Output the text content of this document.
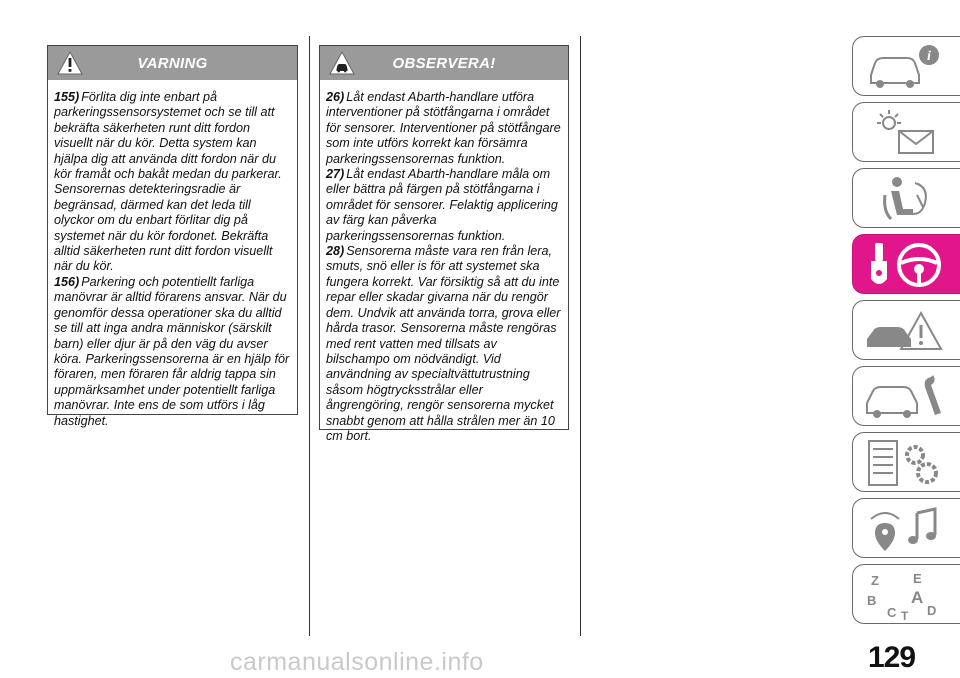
VARNING

155) Förlita dig inte enbart på parkeringssensorsystemet och se till att bekräfta säkerheten runt ditt fordon visuellt när du kör. Detta system kan hjälpa dig att använda ditt fordon när du kör framåt och bakåt medan du parkerar. Sensorernas detekteringsradie är begränsad, därmed kan det leda till olyckor om du enbart förlitar dig på systemet när du kör fordonet. Bekräfta alltid säkerheten runt ditt fordon visuellt när du kör.

156) Parkering och potentiellt farliga manövrar är alltid förarens ansvar. När du genomför dessa operationer ska du alltid se till att inga andra människor (särskilt barn) eller djur är på den väg du avser köra. Parkeringssensorerna är en hjälp för föraren, men föraren får aldrig tappa sin uppmärksamhet under potentiellt farliga manövrar. Inte ens de som utförs i låg hastighet.

OBSERVERA!

26) Låt endast Abarth-handlare utföra interventioner på stötfångarna i området för sensorer. Interventioner på stötfångare som inte utförs korrekt kan försämra parkeringssensorernas funktion.

27) Låt endast Abarth-handlare måla om eller bättra på färgen på stötfångarna i området för sensorer. Felaktig applicering av färg kan påverka parkeringssensorernas funktion.

28) Sensorerna måste vara ren från lera, smuts, snö eller is för att systemet ska fungera korrekt. Var försiktig så att du inte repar eller skadar givarna när du rengör dem. Undvik att använda torra, grova eller hårda trasor. Sensorerna måste rengöras med rent vatten med tillsats av bilschampo om nödvändigt. Vid användning av specialtvättutrustning såsom högtrycksstrålar eller ångrengöring, rengör sensorerna mycket snabbt genom att hålla strålen mer än 10 cm bort.

i
Z	E
B A
C D
T
129
carmanualsonline.info
